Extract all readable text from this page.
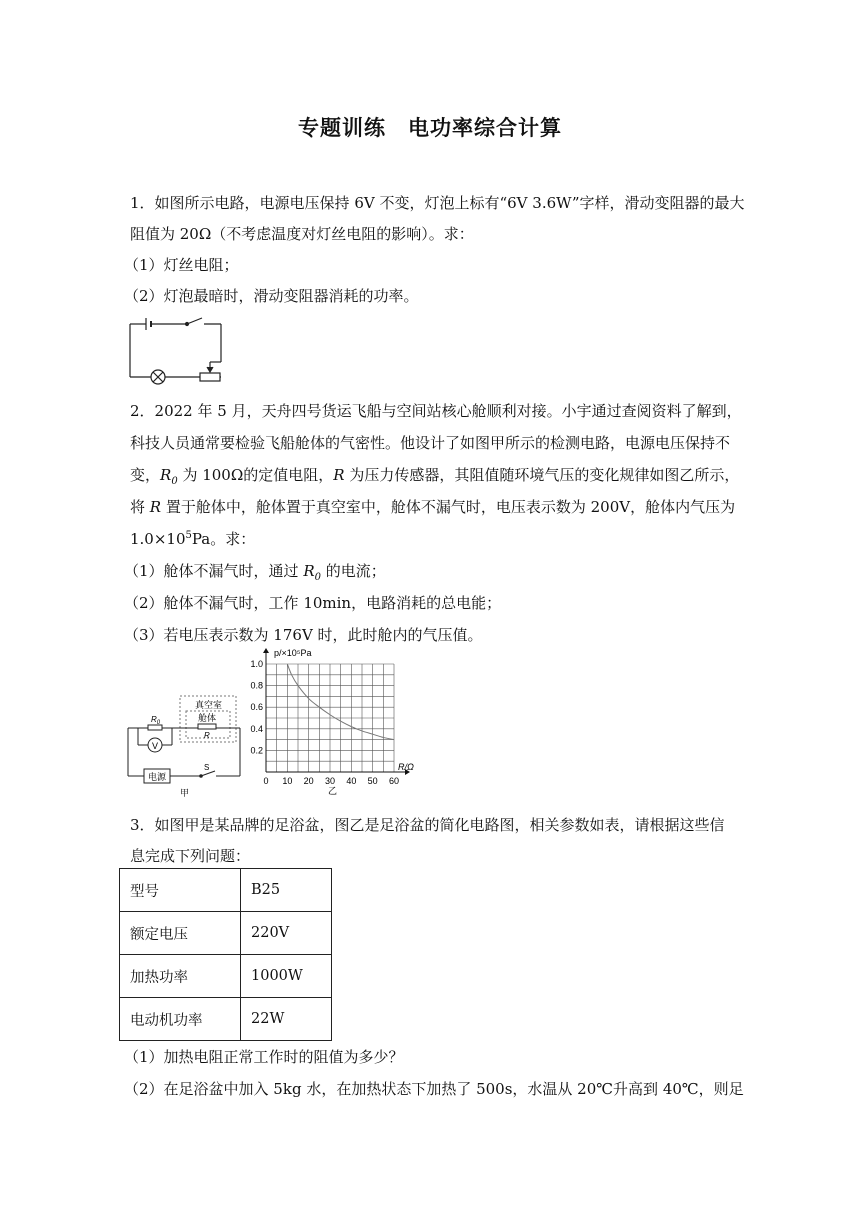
专题训练　电功率综合计算
1．如图所示电路，电源电压保持 6V 不变，灯泡上标有“6V 3.6W”字样，滑动变阻器的最大
阻值为 20Ω（不考虑温度对灯丝电阻的影响）。求：
（1）灯丝电阻；
（2）灯泡最暗时，滑动变阻器消耗的功率。
2．2022 年 5 月，天舟四号货运飞船与空间站核心舱顺利对接。小宇通过查阅资料了解到，
科技人员通常要检验飞船舱体的气密性。他设计了如图甲所示的检测电路，电源电压保持不
变，$R_0$ 为 100Ω的定值电阻，R 为压力传感器，其阻值随环境气压的变化规律如图乙所示，
将 R 置于舱体中，舱体置于真空室中，舱体不漏气时，电压表示数为 200V，舱体内气压为
$1.0\times 10^5Pa$。求：
（1）舱体不漏气时，通过 $R_0$ 的电流；
（2）舱体不漏气时，工作 10min，电路消耗的总电能；
（3）若电压表示数为 176V 时，此时舱内的气压值。
真空室
舱体
R
$R_0$
V
电源
S
甲
0 10 20 30 40 50 60
0.2
0.4
0.6
0.8
1.0
p/×10⁵Pa
R/Ω
乙
3．如图甲是某品牌的足浴盆，图乙是足浴盆的简化电路图，相关参数如表，请根据这些信
息完成下列问题：
型号	B25
额定电压	220V
加热功率	1000W
电动机功率	22W
（1）加热电阻正常工作时的阻值为多少？
（2）在足浴盆中加入 5kg 水，在加热状态下加热了 500s，水温从 20℃升高到 40℃，则足
